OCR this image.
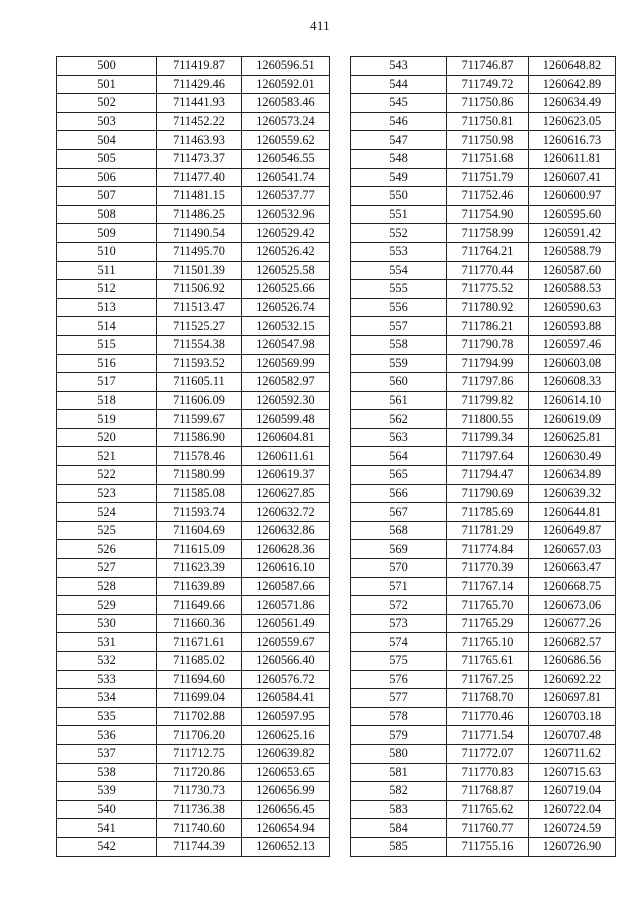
411
500	711419.87	1260596.51
501	711429.46	1260592.01
502	711441.93	1260583.46
503	711452.22	1260573.24
504	711463.93	1260559.62
505	711473.37	1260546.55
506	711477.40	1260541.74
507	711481.15	1260537.77
508	711486.25	1260532.96
509	711490.54	1260529.42
510	711495.70	1260526.42
511	711501.39	1260525.58
512	711506.92	1260525.66
513	711513.47	1260526.74
514	711525.27	1260532.15
515	711554.38	1260547.98
516	711593.52	1260569.99
517	711605.11	1260582.97
518	711606.09	1260592.30
519	711599.67	1260599.48
520	711586.90	1260604.81
521	711578.46	1260611.61
522	711580.99	1260619.37
523	711585.08	1260627.85
524	711593.74	1260632.72
525	711604.69	1260632.86
526	711615.09	1260628.36
527	711623.39	1260616.10
528	711639.89	1260587.66
529	711649.66	1260571.86
530	711660.36	1260561.49
531	711671.61	1260559.67
532	711685.02	1260566.40
533	711694.60	1260576.72
534	711699.04	1260584.41
535	711702.88	1260597.95
536	711706.20	1260625.16
537	711712.75	1260639.82
538	711720.86	1260653.65
539	711730.73	1260656.99
540	711736.38	1260656.45
541	711740.60	1260654.94
542	711744.39	1260652.13
543	711746.87	1260648.82
544	711749.72	1260642.89
545	711750.86	1260634.49
546	711750.81	1260623.05
547	711750.98	1260616.73
548	711751.68	1260611.81
549	711751.79	1260607.41
550	711752.46	1260600.97
551	711754.90	1260595.60
552	711758.99	1260591.42
553	711764.21	1260588.79
554	711770.44	1260587.60
555	711775.52	1260588.53
556	711780.92	1260590.63
557	711786.21	1260593.88
558	711790.78	1260597.46
559	711794.99	1260603.08
560	711797.86	1260608.33
561	711799.82	1260614.10
562	711800.55	1260619.09
563	711799.34	1260625.81
564	711797.64	1260630.49
565	711794.47	1260634.89
566	711790.69	1260639.32
567	711785.69	1260644.81
568	711781.29	1260649.87
569	711774.84	1260657.03
570	711770.39	1260663.47
571	711767.14	1260668.75
572	711765.70	1260673.06
573	711765.29	1260677.26
574	711765.10	1260682.57
575	711765.61	1260686.56
576	711767.25	1260692.22
577	711768.70	1260697.81
578	711770.46	1260703.18
579	711771.54	1260707.48
580	711772.07	1260711.62
581	711770.83	1260715.63
582	711768.87	1260719.04
583	711765.62	1260722.04
584	711760.77	1260724.59
585	711755.16	1260726.90
